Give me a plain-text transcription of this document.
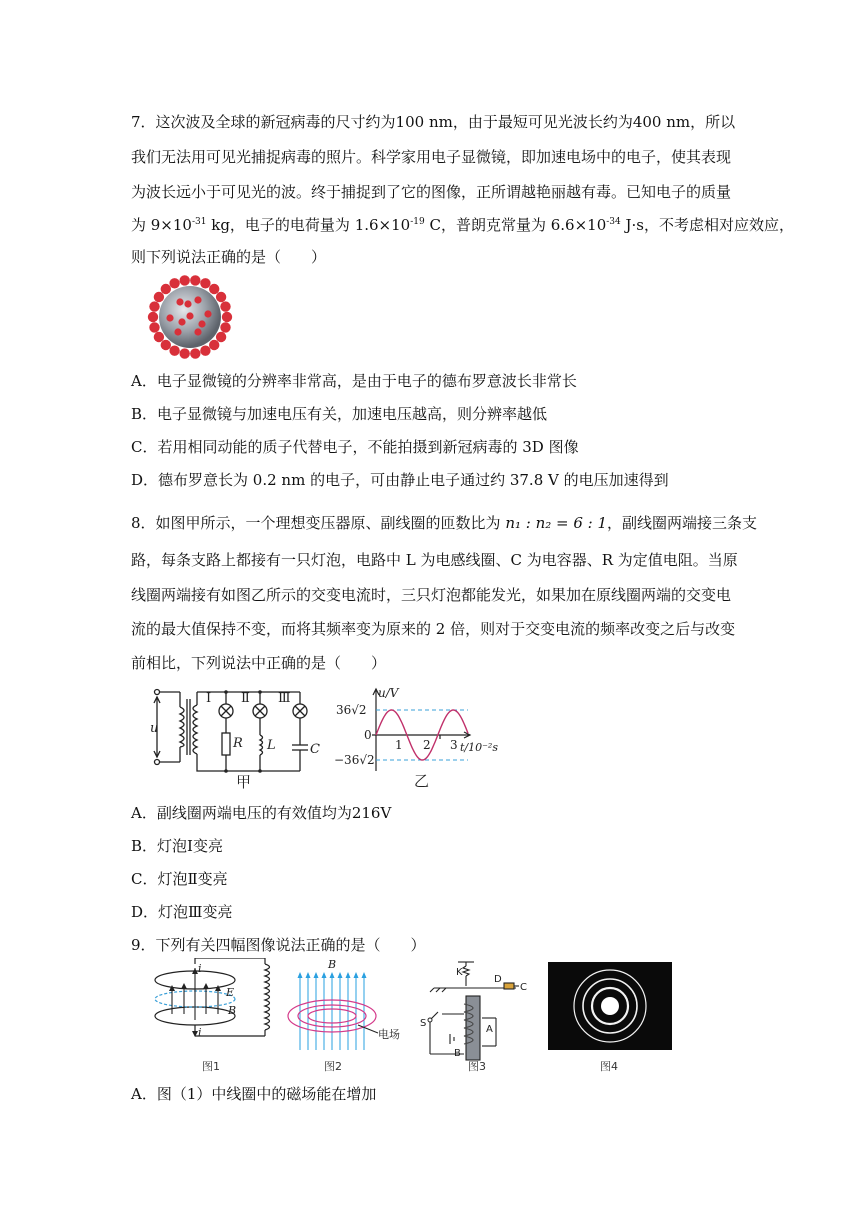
7．这次波及全球的新冠病毒的尺寸约为100 nm，由于最短可见光波长约为400 nm，所以
我们无法用可见光捕捉病毒的照片。科学家用电子显微镜，即加速电场中的电子，使其表现
为波长远小于可见光的波。终于捕捉到了它的图像，正所谓越艳丽越有毒。已知电子的质量
为 $9\times 10^{-31}$ kg，电子的电荷量为 $1.6\times 10^{-19}$ C，普朗克常量为 $6.6\times 10^{-34}$ J·s，不考虑相对应效应，
则下列说法正确的是（　　）
A．电子显微镜的分辨率非常高，是由于电子的德布罗意波长非常长
B．电子显微镜与加速电压有关，加速电压越高，则分辨率越低
C．若用相同动能的质子代替电子，不能拍摄到新冠病毒的 3D 图像
D．德布罗意长为 0.2 nm 的电子，可由静止电子通过约 37.8 V 的电压加速得到
8．如图甲所示，一个理想变压器原、副线圈的匝数比为 n₁ : n₂ = 6 : 1，副线圈两端接三条支
路，每条支路上都接有一只灯泡，电路中 L 为电感线圈、C 为电容器、R 为定值电阻。当原
线圈两端接有如图乙所示的交变电流时，三只灯泡都能发光，如果加在原线圈两端的交变电
流的最大值保持不变，而将其频率变为原来的 2 倍，则对于交变电流的频率改变之后与改变
前相比，下列说法中正确的是（　　）
u
Ⅰ Ⅱ Ⅲ
R L	C
甲
u/V
36√2
0
−36√2
1 2 3 t/10⁻²s
乙
A．副线圈两端电压的有效值均为216V
B．灯泡Ⅰ变亮
C．灯泡Ⅱ变亮
D．灯泡Ⅲ变亮
9．下列有关四幅图像说法正确的是（　　）
i
E
B
i
图1
B
电场
图2
K
D
C
S
A
B
图3	图4
A．图（1）中线圈中的磁场能在增加
